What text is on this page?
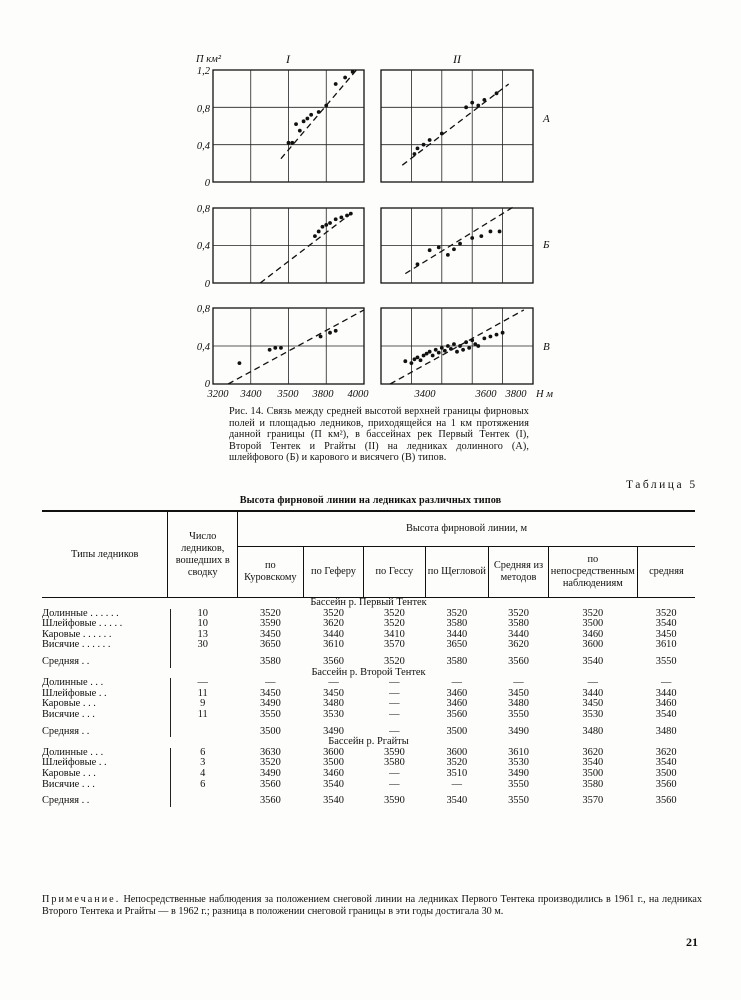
I	II
А
Б
В
П км²
1,2
0,8
0,4
0
0,8
0,4
0
0,8
0,4
0
3200 3400 3500 3800 4000	3400	3600 3800 Н м
Рис. 14. Связь между средней высотой верхней границы фирновых полей и площадью ледников, приходящейся на 1 км протяжения данной границы (П км²), в бассейнах рек Первый Тентек (I), Второй Тентек и Ргайты (II) на ледниках долинного (А), шлейфового (Б) и карового и висячего (В) типов.
Таблица 5
Высота фирновой линии на ледниках различных типов
Типы ледников	Число ледников, вошедших в сводку	Высота фирновой линии, м						
		по Куровскому	по Геферу	по Гессу	по Щегловой	Средняя из методов	по непосредственным наблюдениям	средняя
Бассейн р. Первый Тентек								
Долинные . . . . . .	10	3520	3520	3520	3520	3520	3520	3520
Шлейфовые . . . . .	10	3590	3620	3520	3580	3580	3500	3540
Каровые . . . . . .	13	3450	3440	3410	3440	3440	3460	3450
Висячие . . . . . .	30	3650	3610	3570	3650	3620	3600	3610
Средняя . .		3580	3560	3520	3580	3560	3540	3550
Бассейн р. Второй Тентек								
Долинные . . .	—	—	—	—	—	—	—	—
Шлейфовые . .	11	3450	3450	—	3460	3450	3440	3440
Каровые . . .	9	3490	3480	—	3460	3480	3450	3460
Висячие . . .	11	3550	3530	—	3560	3550	3530	3540
Средняя . .		3500	3490	—	3500	3490	3480	3480
Бассейн р. Ргайты								
Долинные . . .	6	3630	3600	3590	3600	3610	3620	3620
Шлейфовые . .	3	3520	3500	3580	3520	3530	3540	3540
Каровые . . .	4	3490	3460	—	3510	3490	3500	3500
Висячие . . .	6	3560	3540	—	—	3550	3580	3560
Средняя . .		3560	3540	3590	3540	3550	3570	3560
Примечание. Непосредственные наблюдения за положением снеговой линии на ледниках Первого Тентека производились в 1961 г., на ледниках Второго Тентека и Ргайты — в 1962 г.; разница в положении снеговой границы в эти годы достигала 30 м.
21
